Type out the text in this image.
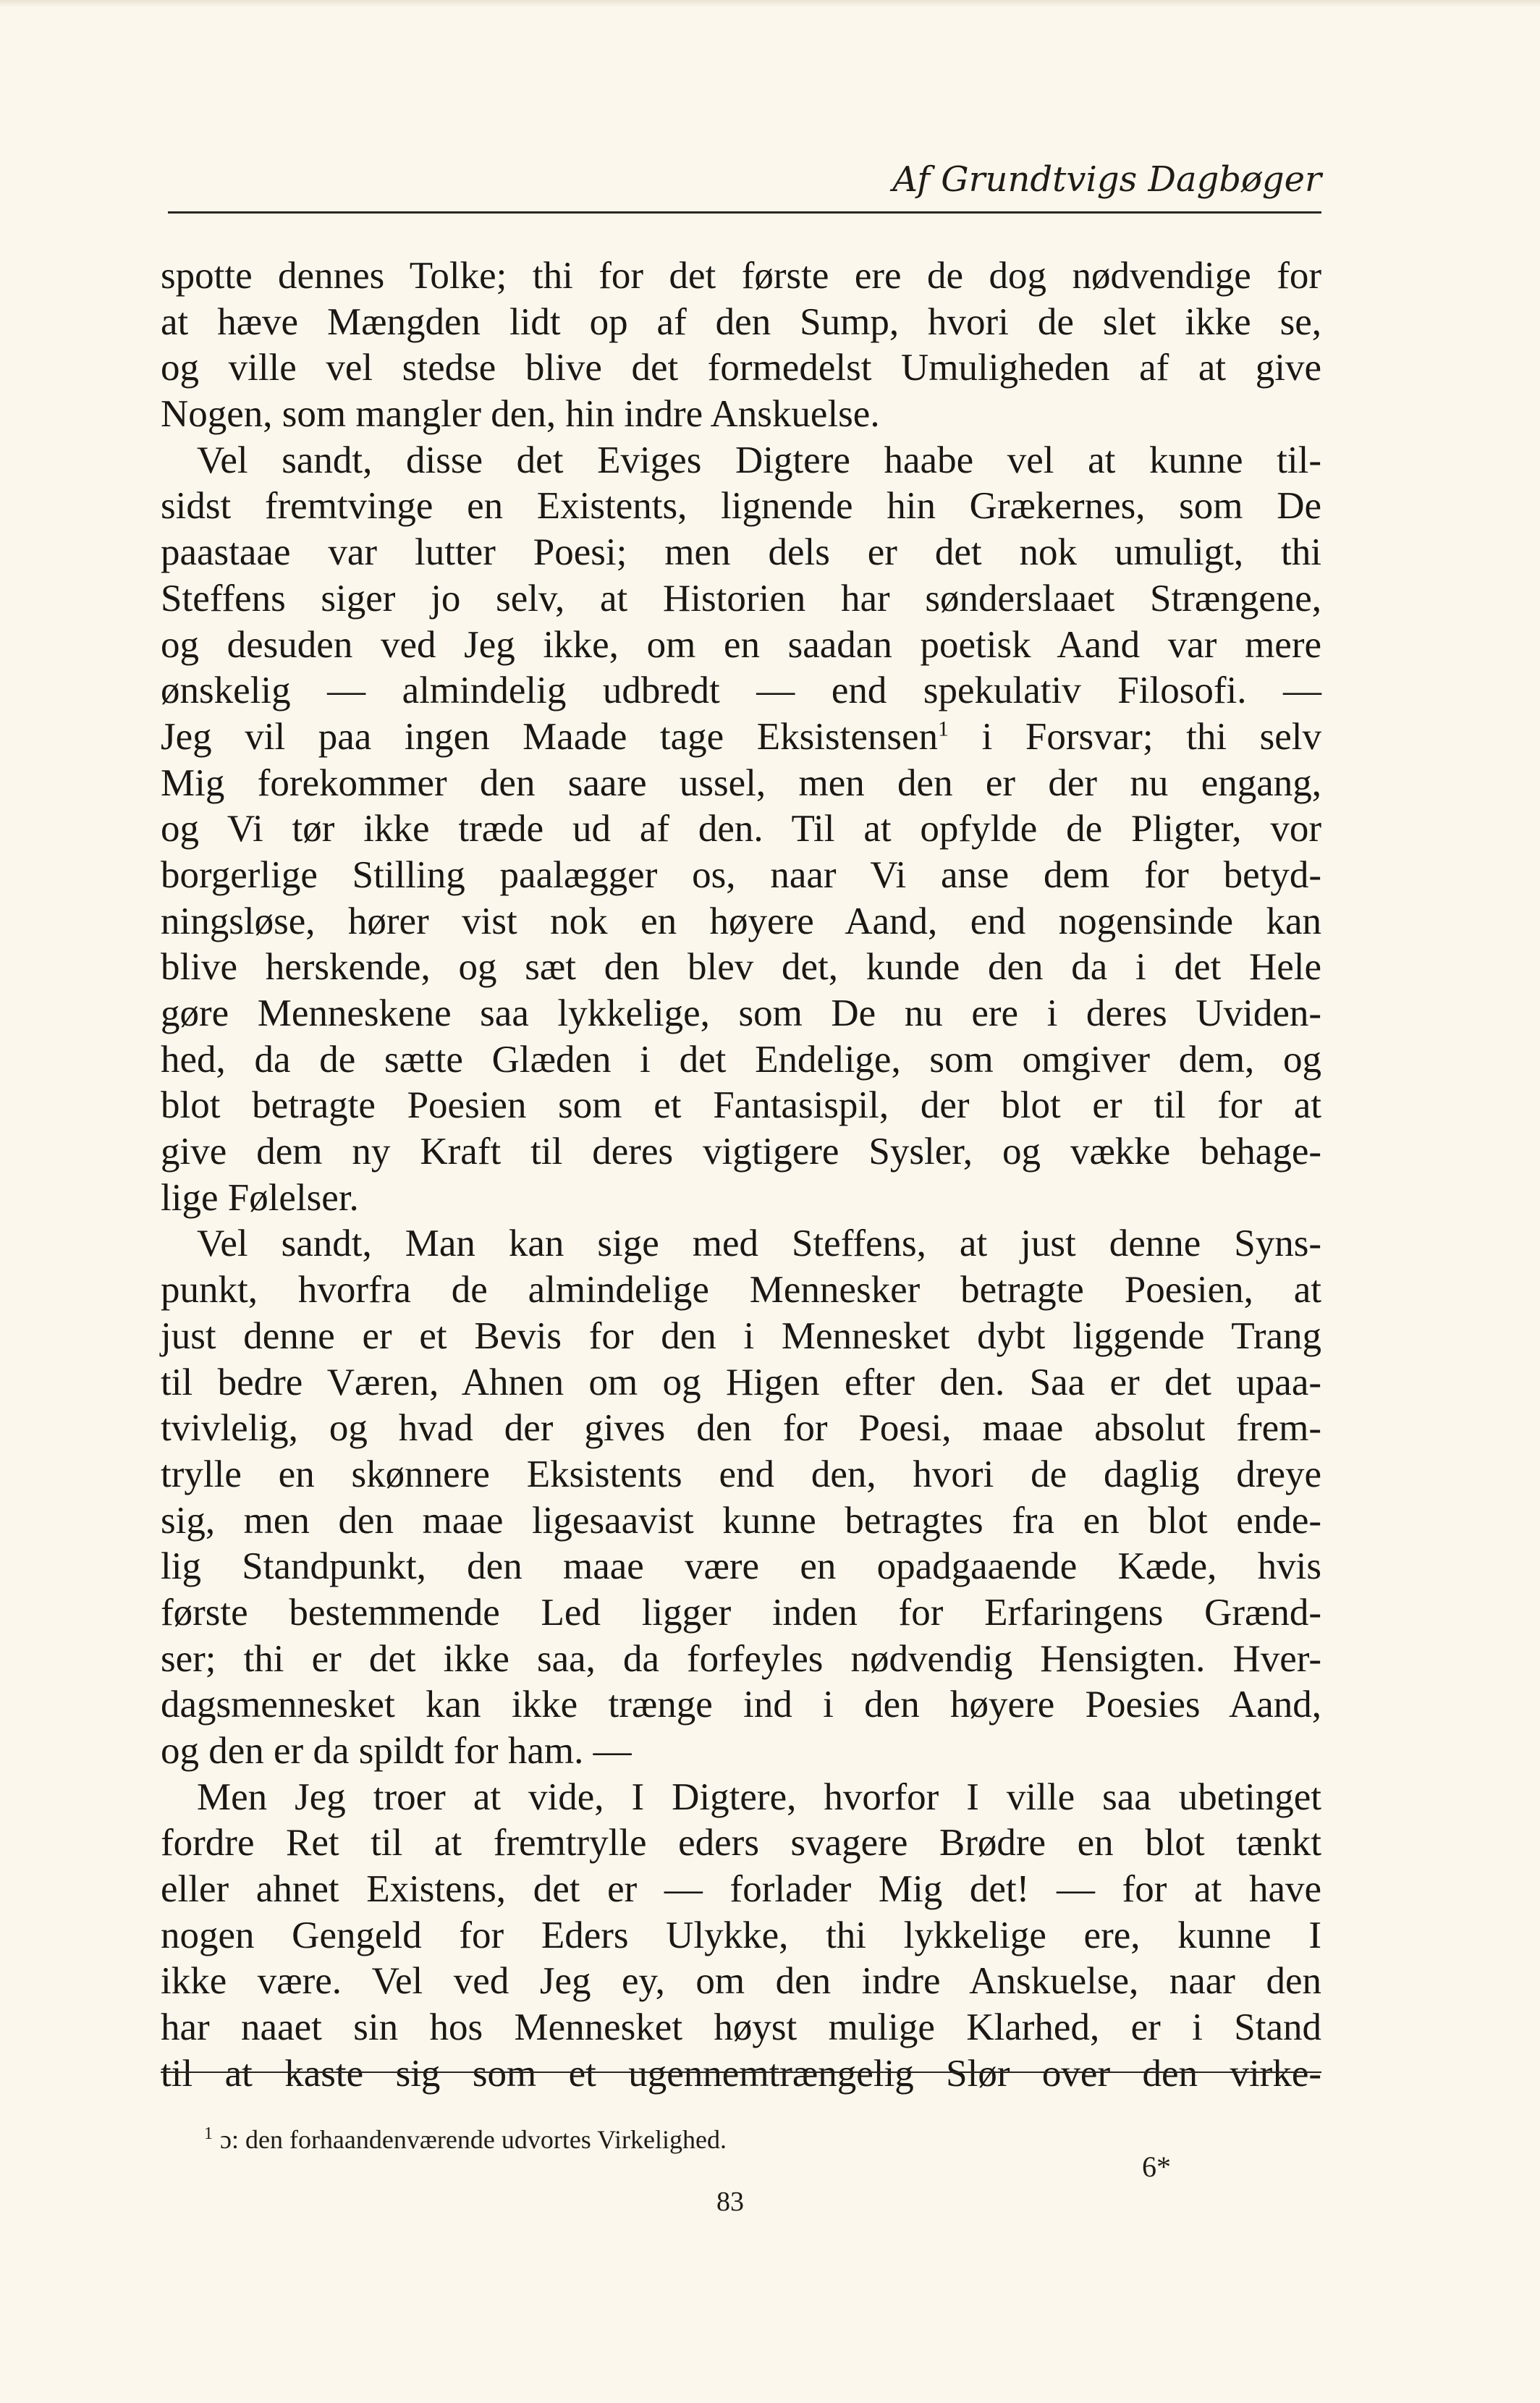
Af Grundtvigs Dagbøger

spotte dennes Tolke; thi for det første ere de dog nødvendige for
at hæve Mængden lidt op af den Sump, hvori de slet ikke se,
og ville vel stedse blive det formedelst Umuligheden af at give
Nogen, som mangler den, hin indre Anskuelse.

Vel sandt, disse det Eviges Digtere haabe vel at kunne til-
sidst fremtvinge en Existents, lignende hin Grækernes, som De
paastaae var lutter Poesi; men dels er det nok umuligt, thi
Steffens siger jo selv, at Historien har sønderslaaet Strængene,
og desuden ved Jeg ikke, om en saadan poetisk Aand var mere
ønskelig — almindelig udbredt — end spekulativ Filosofi. —
Jeg vil paa ingen Maade tage Eksistensen$^1$ i Forsvar; thi selv
Mig forekommer den saare ussel, men den er der nu engang,
og Vi tør ikke træde ud af den. Til at opfylde de Pligter, vor
borgerlige Stilling paalægger os, naar Vi anse dem for betyd-
ningsløse, hører vist nok en høyere Aand, end nogensinde kan
blive herskende, og sæt den blev det, kunde den da i det Hele
gøre Menneskene saa lykkelige, som De nu ere i deres Uviden-
hed, da de sætte Glæden i det Endelige, som omgiver dem, og
blot betragte Poesien som et Fantasispil, der blot er til for at
give dem ny Kraft til deres vigtigere Sysler, og vække behage-
lige Følelser.

Vel sandt, Man kan sige med Steffens, at just denne Syns-
punkt, hvorfra de almindelige Mennesker betragte Poesien, at
just denne er et Bevis for den i Mennesket dybt liggende Trang
til bedre Væren, Ahnen om og Higen efter den. Saa er det upaa-
tvivlelig, og hvad der gives den for Poesi, maae absolut frem-
trylle en skønnere Eksistents end den, hvori de daglig dreye
sig, men den maae ligesaavist kunne betragtes fra en blot ende-
lig Standpunkt, den maae være en opadgaaende Kæde, hvis
første bestemmende Led ligger inden for Erfaringens Grænd-
ser; thi er det ikke saa, da forfeyles nødvendig Hensigten. Hver-
dagsmennesket kan ikke trænge ind i den høyere Poesies Aand,
og den er da spildt for ham. —

Men Jeg troer at vide, I Digtere, hvorfor I ville saa ubetinget
fordre Ret til at fremtrylle eders svagere Brødre en blot tænkt
eller ahnet Existens, det er — forlader Mig det! — for at have
nogen Gengeld for Eders Ulykke, thi lykkelige ere, kunne I
ikke være. Vel ved Jeg ey, om den indre Anskuelse, naar den
har naaet sin hos Mennesket høyst mulige Klarhed, er i Stand
til at kaste sig som et ugennemtrængelig Slør over den virke-

$^1$ ɔ: den forhaandenværende udvortes Virkelighed.
6*
83
